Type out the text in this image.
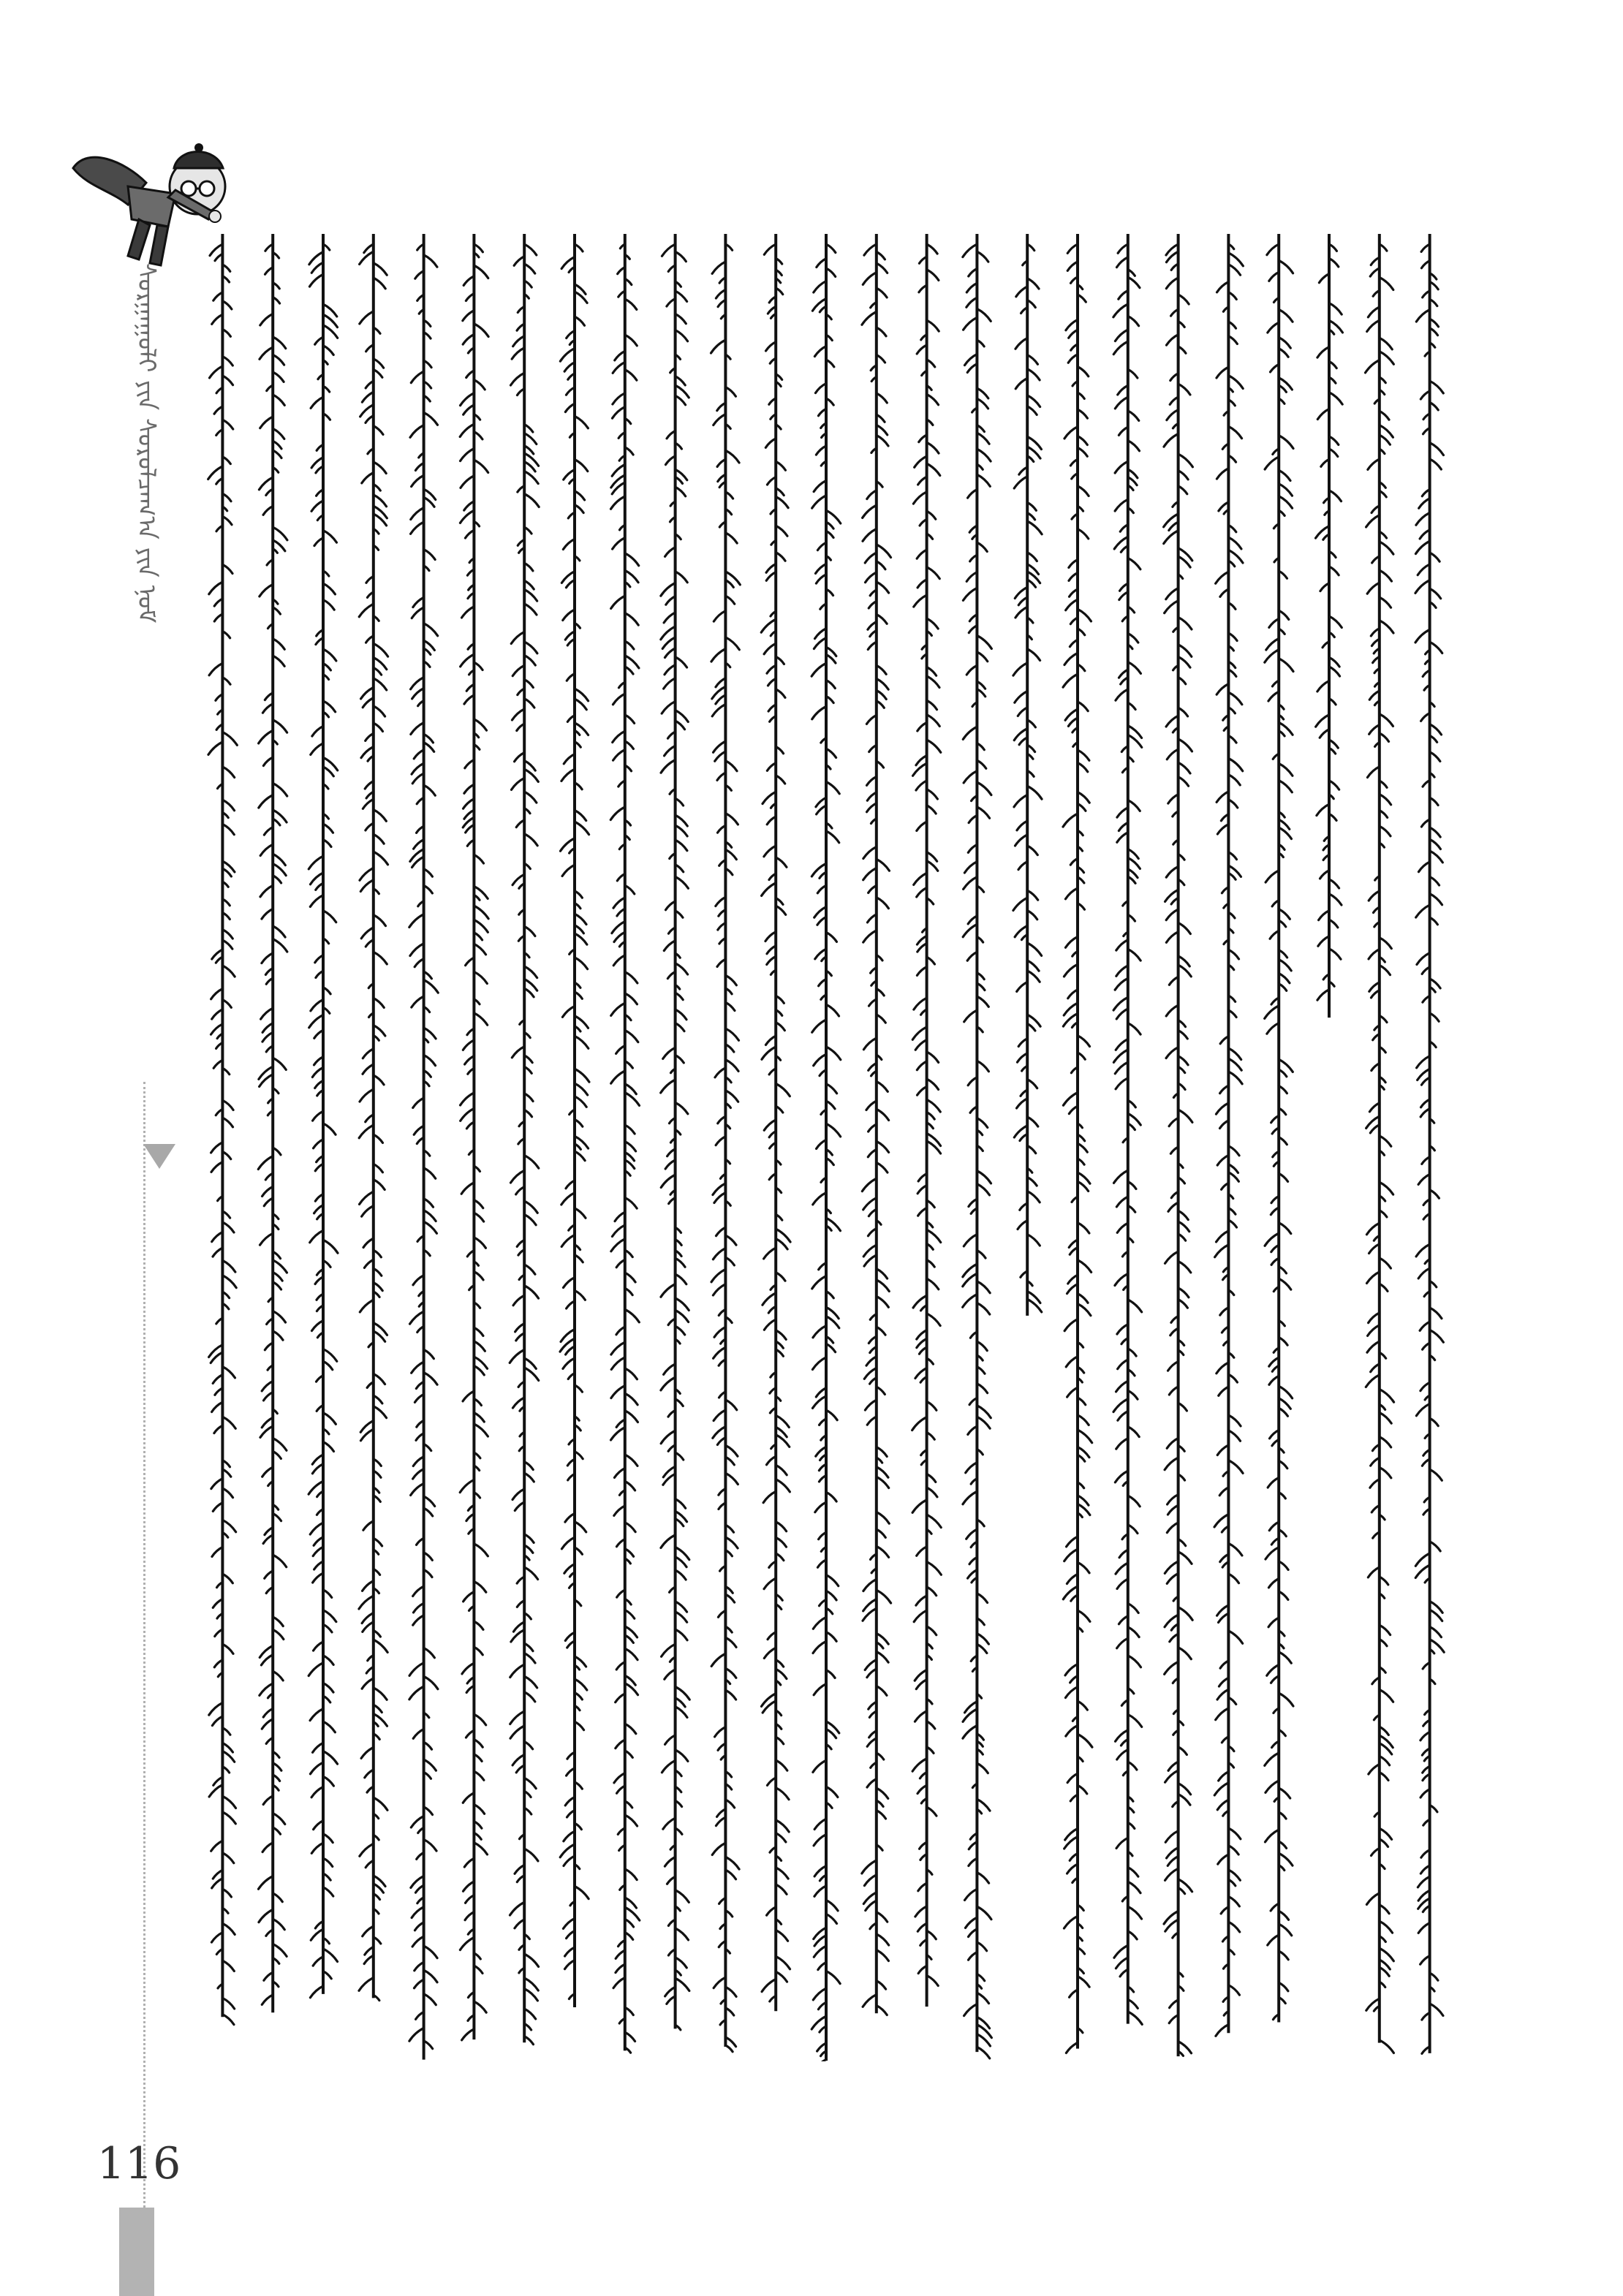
ᠰᠣᠷᠭᠠᠭᠤᠯᠢ ᠶᠢᠨ ᠰᠤᠷᠤᠯᠴᠠᠭ᠎ᠠ ᠶᠢᠨ ᠨᠣᠮ
116
